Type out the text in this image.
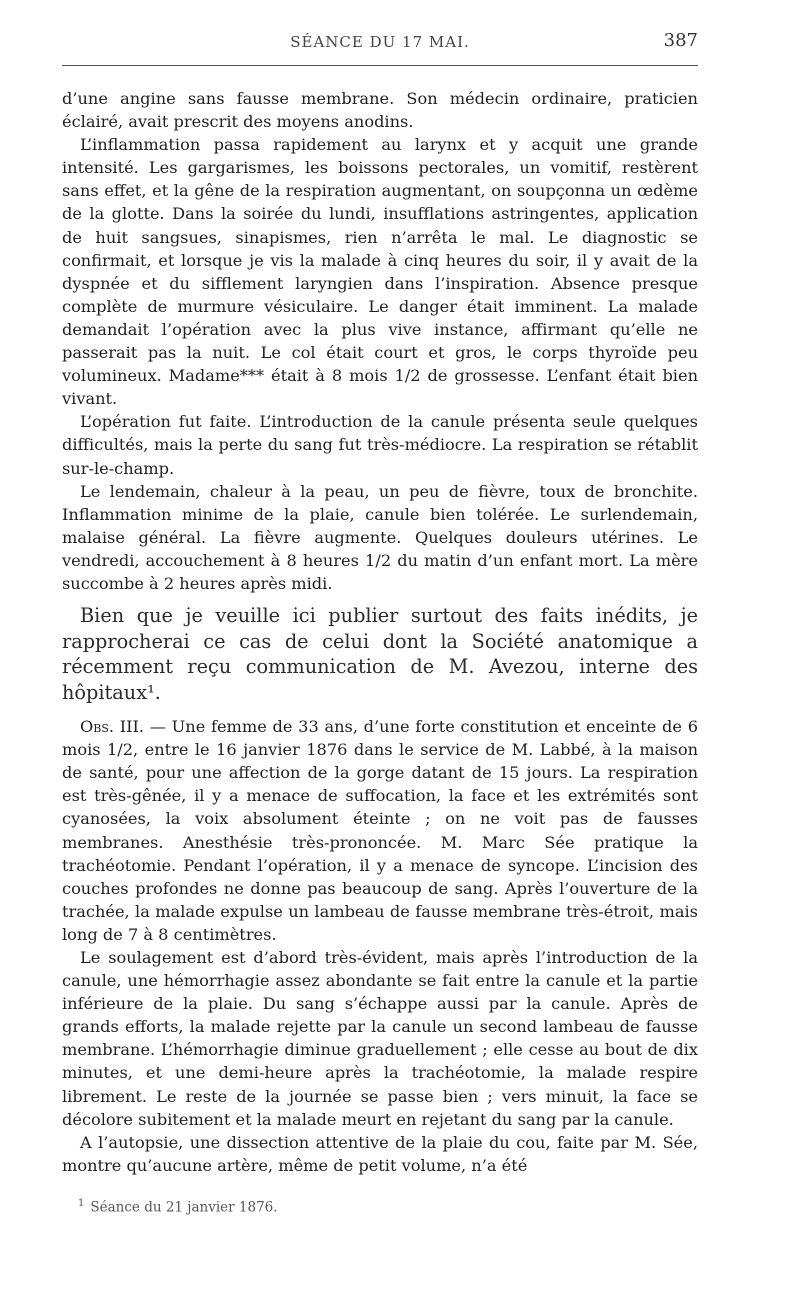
SÉANCE DU 17 MAI.	387

d’une angine sans fausse membrane. Son médecin ordinaire, praticien éclairé, avait prescrit des moyens anodins.

L’inflammation passa rapidement au larynx et y acquit une grande intensité. Les gargarismes, les boissons pectorales, un vomitif, restèrent sans effet, et la gêne de la respiration augmentant, on soupçonna un œdème de la glotte. Dans la soirée du lundi, insufflations astringentes, application de huit sangsues, sinapismes, rien n’arrêta le mal. Le diagnostic se confirmait, et lorsque je vis la malade à cinq heures du soir, il y avait de la dyspnée et du sifflement laryngien dans l’inspiration. Absence presque complète de murmure vésiculaire. Le danger était imminent. La malade demandait l’opération avec la plus vive instance, affirmant qu’elle ne passerait pas la nuit. Le col était court et gros, le corps thyroïde peu volumineux. Madame*** était à 8 mois 1/2 de grossesse. L’enfant était bien vivant.

L’opération fut faite. L’introduction de la canule présenta seule quelques difficultés, mais la perte du sang fut très-médiocre. La respiration se rétablit sur-le-champ.

Le lendemain, chaleur à la peau, un peu de fièvre, toux de bronchite. Inflammation minime de la plaie, canule bien tolérée. Le surlendemain, malaise général. La fièvre augmente. Quelques douleurs utérines. Le vendredi, accouchement à 8 heures 1/2 du matin d’un enfant mort. La mère succombe à 2 heures après midi.

Bien que je veuille ici publier surtout des faits inédits, je rapprocherai ce cas de celui dont la Société anatomique a récemment reçu communication de M. Avezou, interne des hôpitaux¹.

Obs. III. — Une femme de 33 ans, d’une forte constitution et enceinte de 6 mois 1/2, entre le 16 janvier 1876 dans le service de M. Labbé, à la maison de santé, pour une affection de la gorge datant de 15 jours. La respiration est très-gênée, il y a menace de suffocation, la face et les extrémités sont cyanosées, la voix absolument éteinte ; on ne voit pas de fausses membranes. Anesthésie très-prononcée. M. Marc Sée pratique la trachéotomie. Pendant l’opération, il y a menace de syncope. L’incision des couches profondes ne donne pas beaucoup de sang. Après l’ouverture de la trachée, la malade expulse un lambeau de fausse membrane très-étroit, mais long de 7 à 8 centimètres.

Le soulagement est d’abord très-évident, mais après l’introduction de la canule, une hémorrhagie assez abondante se fait entre la canule et la partie inférieure de la plaie. Du sang s’échappe aussi par la canule. Après de grands efforts, la malade rejette par la canule un second lambeau de fausse membrane. L’hémorrhagie diminue graduellement ; elle cesse au bout de dix minutes, et une demi-heure après la trachéotomie, la malade respire librement. Le reste de la journée se passe bien ; vers minuit, la face se décolore subitement et la malade meurt en rejetant du sang par la canule.

A l’autopsie, une dissection attentive de la plaie du cou, faite par M. Sée, montre qu’aucune artère, même de petit volume, n’a été

$^1$ Séance du 21 janvier 1876.
